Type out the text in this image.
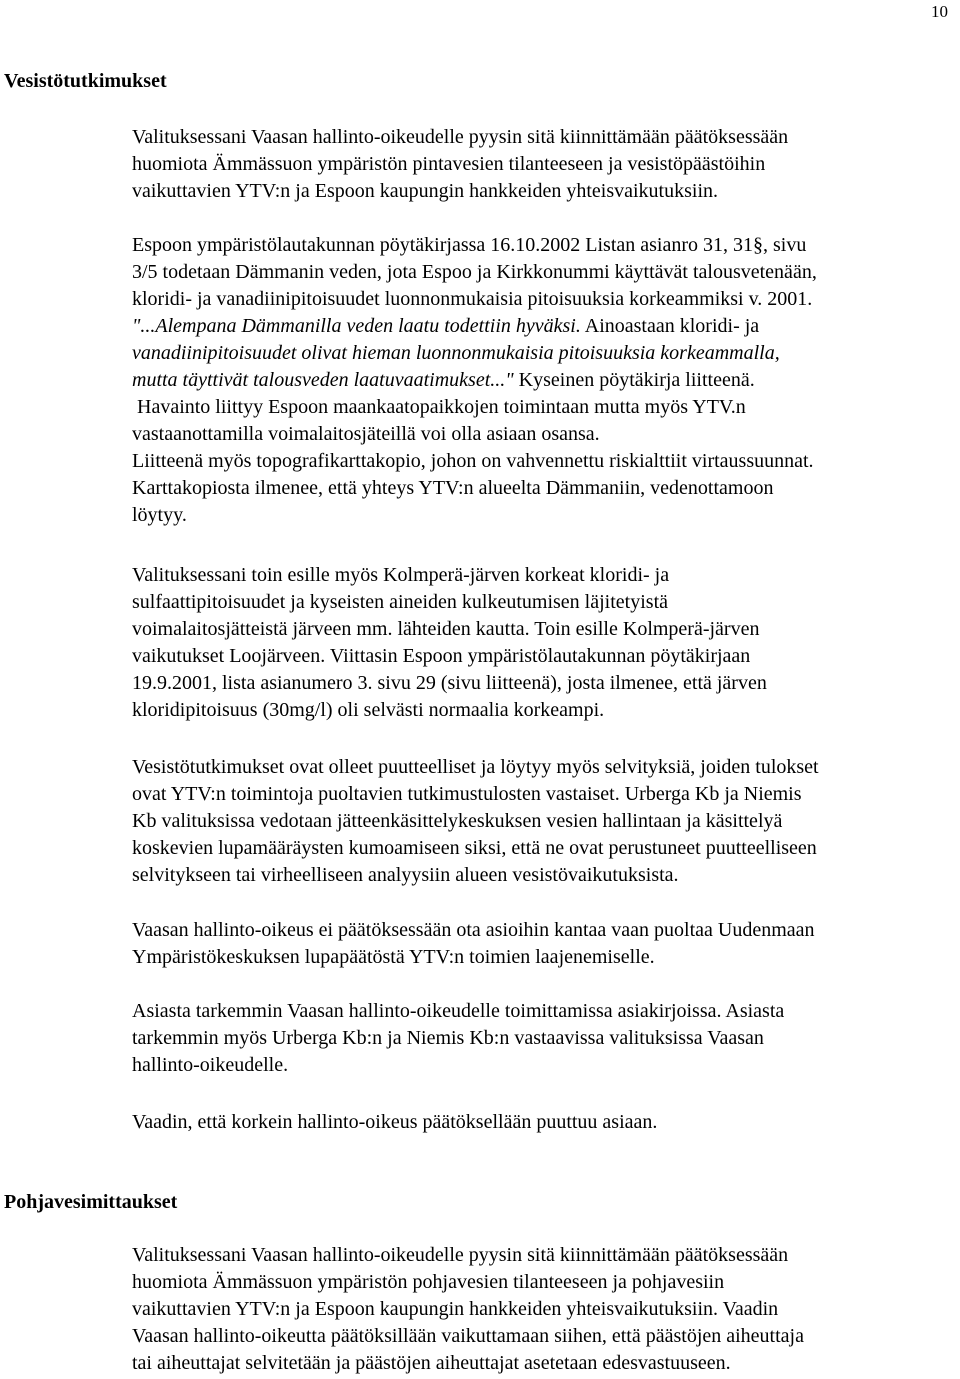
10
Vesistötutkimukset
Valituksessani Vaasan hallinto-oikeudelle pyysin sitä kiinnittämään päätöksessään
huomiota Ämmässuon ympäristön pintavesien tilanteeseen ja vesistöpäästöihin
vaikuttavien YTV:n ja Espoon kaupungin hankkeiden yhteisvaikutuksiin.
Espoon ympäristölautakunnan pöytäkirjassa 16.10.2002 Listan asianro 31, 31§, sivu
3/5 todetaan Dämmanin veden, jota Espoo ja Kirkkonummi käyttävät talousvetenään,
kloridi- ja vanadiinipitoisuudet luonnonmukaisia pitoisuuksia korkeammiksi v. 2001.
"...Alempana Dämmanilla veden laatu todettiin hyväksi. Ainoastaan kloridi- ja
vanadiinipitoisuudet olivat hieman luonnonmukaisia pitoisuuksia korkeammalla,
mutta täyttivät talousveden laatuvaatimukset..." Kyseinen pöytäkirja liitteenä.
Havainto liittyy Espoon maankaatopaikkojen toimintaan mutta myös YTV.n
vastaanottamilla voimalaitosjäteillä voi olla asiaan osansa.
Liitteenä myös topografikarttakopio, johon on vahvennettu riskialttiit virtaussuunnat.
Karttakopiosta ilmenee, että yhteys YTV:n alueelta Dämmaniin, vedenottamoon
löytyy.
Valituksessani toin esille myös Kolmperä-järven korkeat kloridi- ja
sulfaattipitoisuudet ja kyseisten aineiden kulkeutumisen läjitetyistä
voimalaitosjätteistä järveen mm. lähteiden kautta. Toin esille Kolmperä-järven
vaikutukset Loojärveen. Viittasin Espoon ympäristölautakunnan pöytäkirjaan
19.9.2001, lista asianumero 3. sivu 29 (sivu liitteenä), josta ilmenee, että järven
kloridipitoisuus (30mg/l) oli selvästi normaalia korkeampi.
Vesistötutkimukset ovat olleet puutteelliset ja löytyy myös selvityksiä, joiden tulokset
ovat YTV:n toimintoja puoltavien tutkimustulosten vastaiset. Urberga Kb ja Niemis
Kb valituksissa vedotaan jätteenkäsittelykeskuksen vesien hallintaan ja käsittelyä
koskevien lupamääräysten kumoamiseen siksi, että ne ovat perustuneet puutteelliseen
selvitykseen tai virheelliseen analyysiin alueen vesistövaikutuksista.
Vaasan hallinto-oikeus ei päätöksessään ota asioihin kantaa vaan puoltaa Uudenmaan
Ympäristökeskuksen lupapäätöstä YTV:n toimien laajenemiselle.
Asiasta tarkemmin Vaasan hallinto-oikeudelle toimittamissa asiakirjoissa. Asiasta
tarkemmin myös Urberga Kb:n ja Niemis Kb:n vastaavissa valituksissa Vaasan
hallinto-oikeudelle.
Vaadin, että korkein hallinto-oikeus päätöksellään puuttuu asiaan.
Pohjavesimittaukset
Valituksessani Vaasan hallinto-oikeudelle pyysin sitä kiinnittämään päätöksessään
huomiota Ämmässuon ympäristön pohjavesien tilanteeseen ja pohjavesiin
vaikuttavien YTV:n ja Espoon kaupungin hankkeiden yhteisvaikutuksiin. Vaadin
Vaasan hallinto-oikeutta päätöksillään vaikuttamaan siihen, että päästöjen aiheuttaja
tai aiheuttajat selvitetään ja päästöjen aiheuttajat asetetaan edesvastuuseen.
